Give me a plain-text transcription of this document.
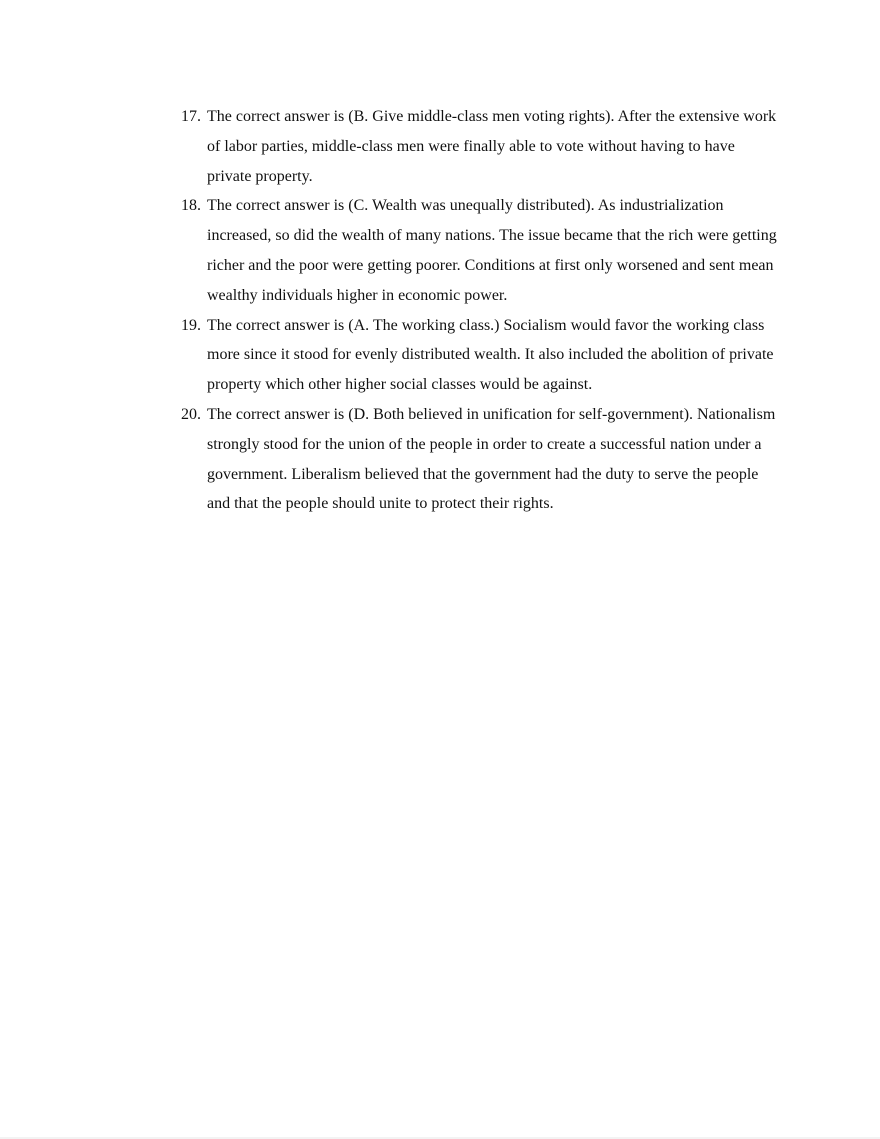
17. The correct answer is (B. Give middle-class men voting rights). After the extensive work of labor parties, middle-class men were finally able to vote without having to have private property.
18. The correct answer is (C. Wealth was unequally distributed). As industrialization increased, so did the wealth of many nations. The issue became that the rich were getting richer and the poor were getting poorer. Conditions at first only worsened and sent mean wealthy individuals higher in economic power.
19. The correct answer is (A. The working class.) Socialism would favor the working class more since it stood for evenly distributed wealth. It also included the abolition of private property which other higher social classes would be against.
20. The correct answer is (D. Both believed in unification for self-government). Nationalism strongly stood for the union of the people in order to create a successful nation under a government. Liberalism believed that the government had the duty to serve the people and that the people should unite to protect their rights.
